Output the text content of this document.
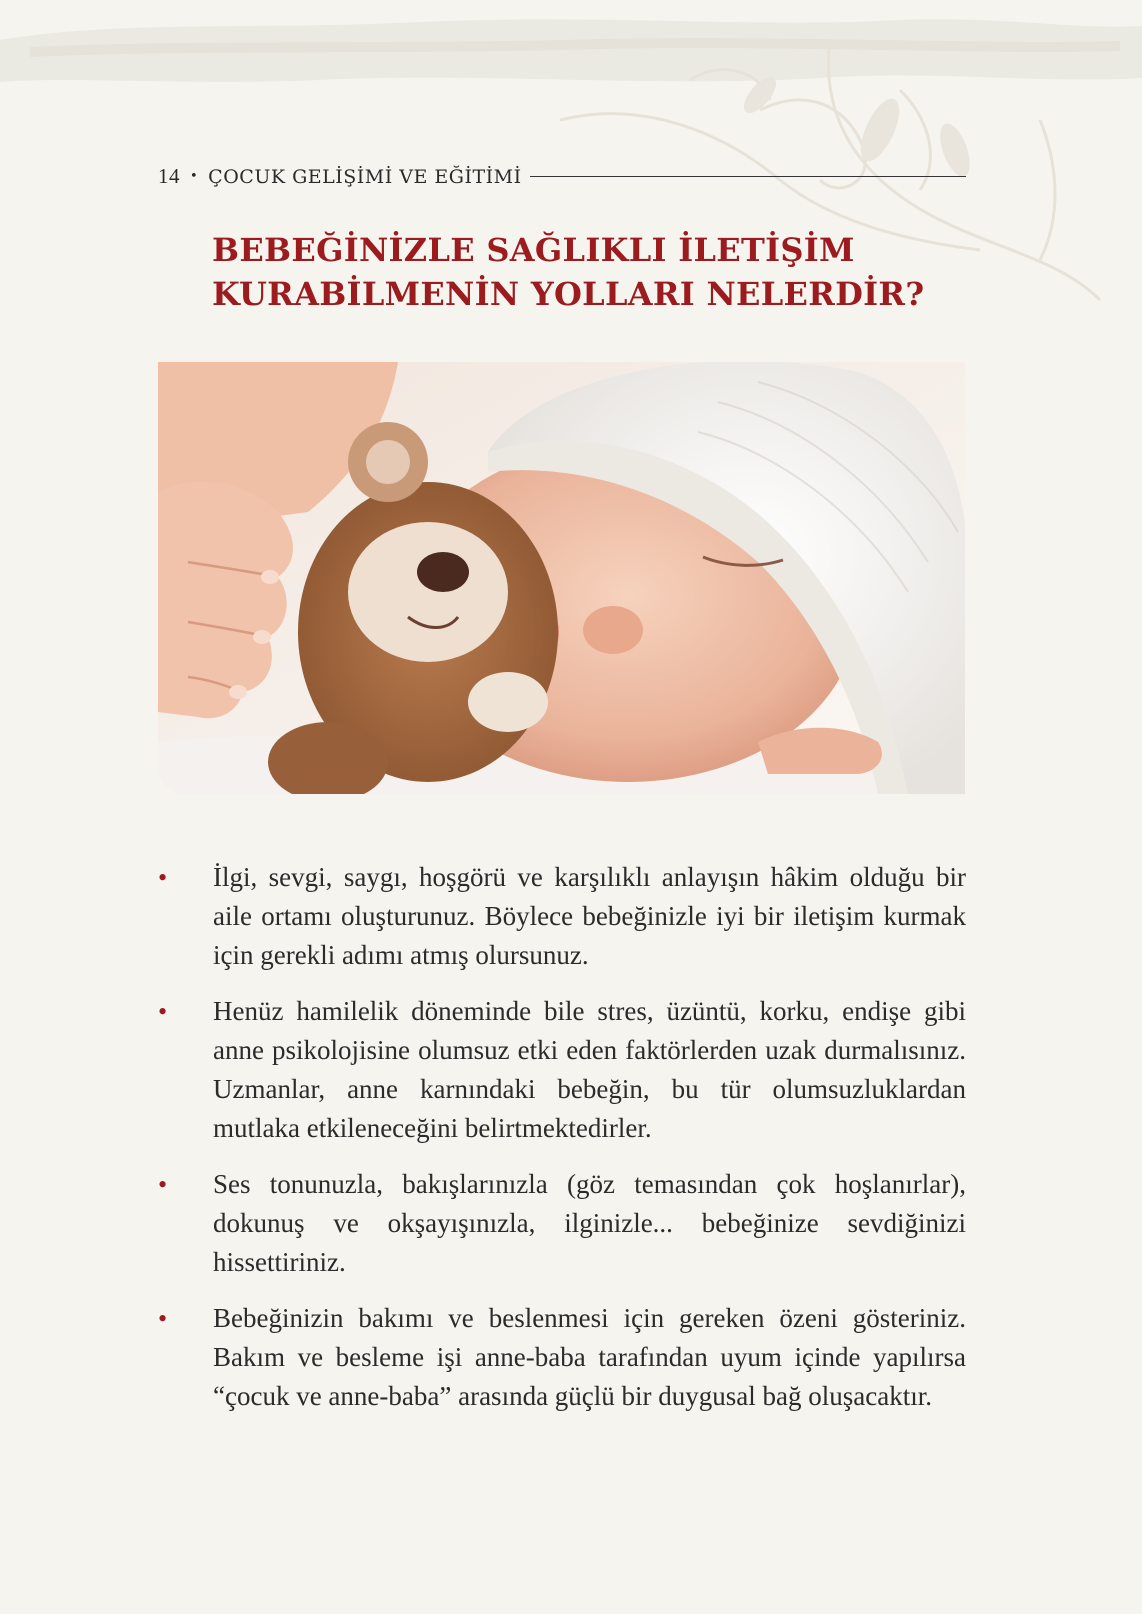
14 • ÇOCUK GELİŞİMİ VE EĞİTİMİ
BEBEĞİNİZLE SAĞLIKLI İLETİŞİM
KURABİLMENİN YOLLARI NELERDİR?
• İlgi, sevgi, saygı, hoşgörü ve karşılıklı anlayışın hâkim olduğu bir aile ortamı oluşturunuz. Böylece bebeğinizle iyi bir iletişim kurmak için gerekli adımı atmış olursunuz.
• Henüz hamilelik döneminde bile stres, üzüntü, korku, endişe gibi anne psikolojisine olumsuz etki eden faktörlerden uzak durmalısınız. Uzmanlar, anne karnındaki bebeğin, bu tür olumsuzluklardan mutlaka etkileneceğini belirtmektedirler.
• Ses tonunuzla, bakışlarınızla (göz temasından çok hoşlanırlar), dokunuş ve okşayışınızla, ilginizle... bebeğinize sevdiğinizi hissettiriniz.
• Bebeğinizin bakımı ve beslenmesi için gereken özeni gösteriniz. Bakım ve besleme işi anne-baba tarafından uyum içinde yapılırsa “çocuk ve anne-baba” arasında güçlü bir duygusal bağ oluşacaktır.
